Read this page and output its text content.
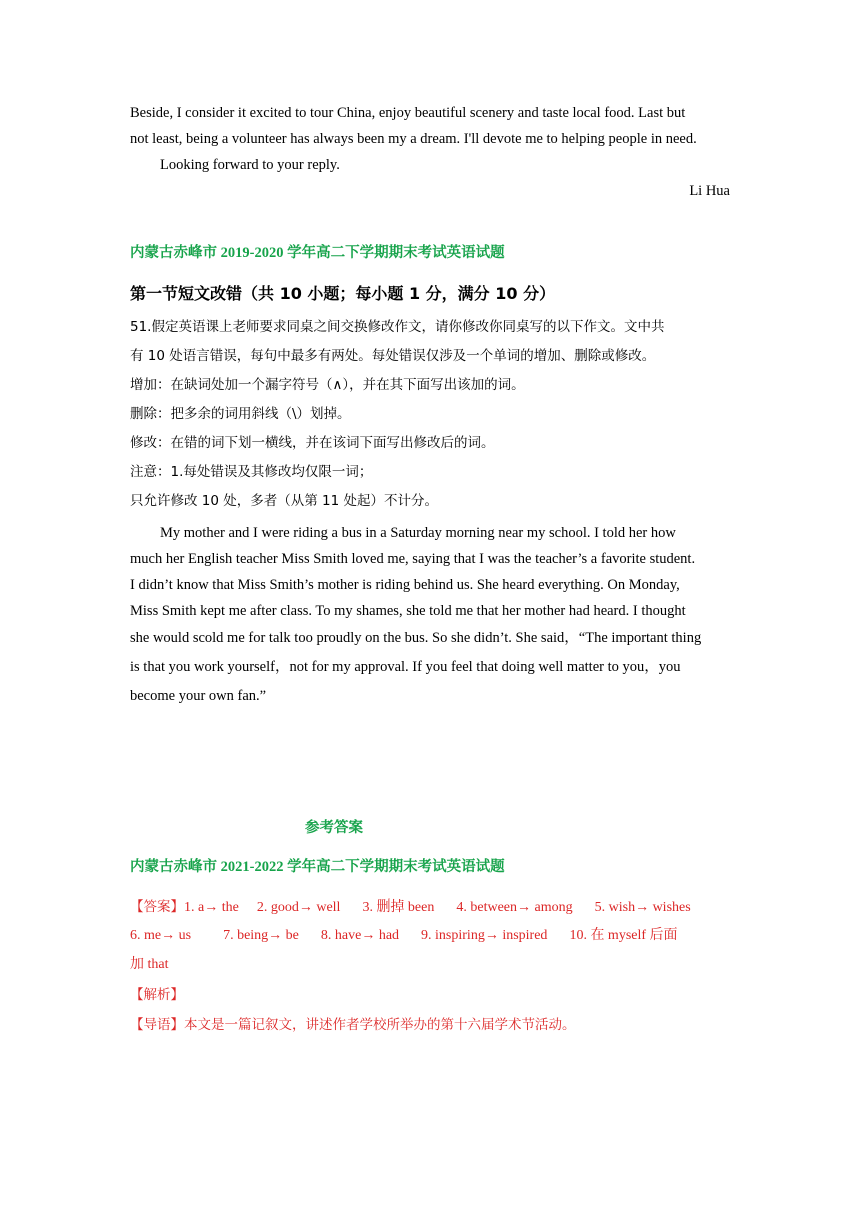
Beside, I consider it excited to tour China, enjoy beautiful scenery and taste local food. Last but
not least, being a volunteer has always been my a dream. I'll devote me to helping people in need.
Looking forward to your reply.
Li Hua
内蒙古赤峰市 2019-2020 学年高二下学期期末考试英语试题
第一节短文改错（共 10 小题；每小题 1 分，满分 10 分）
51.假定英语课上老师要求同桌之间交换修改作文，请你修改你同桌写的以下作文。文中共
有 10 处语言错误，每句中最多有两处。每处错误仅涉及一个单词的增加、删除或修改。
增加：在缺词处加一个漏字符号（∧），并在其下面写出该加的词。
删除：把多余的词用斜线（\）划掉。
修改：在错的词下划一横线，并在该词下面写出修改后的词。
注意：1.每处错误及其修改均仅限一词；
只允许修改 10 处，多者（从第 11 处起）不计分。
My mother and I were riding a bus in a Saturday morning near my school. I told her how
much her English teacher Miss Smith loved me, saying that I was the teacher’s a favorite student.
I didn’t know that Miss Smith’s mother is riding behind us. She heard everything. On Monday,
Miss Smith kept me after class. To my shames, she told me that her mother had heard. I thought
she would scold me for talk too proudly on the bus. So she didn’t. She said，“The important thing
is that you work yourself，not for my approval. If you feel that doing well matter to you，you
become your own fan.”
参考答案
内蒙古赤峰市 2021-2022 学年高二下学期期末考试英语试题
【答案】1. a→ the 2. good→ well 3. 删掉 been 4. between→ among 5. wish→ wishes
6. me→ us 7. being→ be 8. have→ had 9. inspiring→ inspired 10. 在 myself 后面
加 that
【解析】
【导语】本文是一篇记叙文，讲述作者学校所举办的第十六届学术节活动。
